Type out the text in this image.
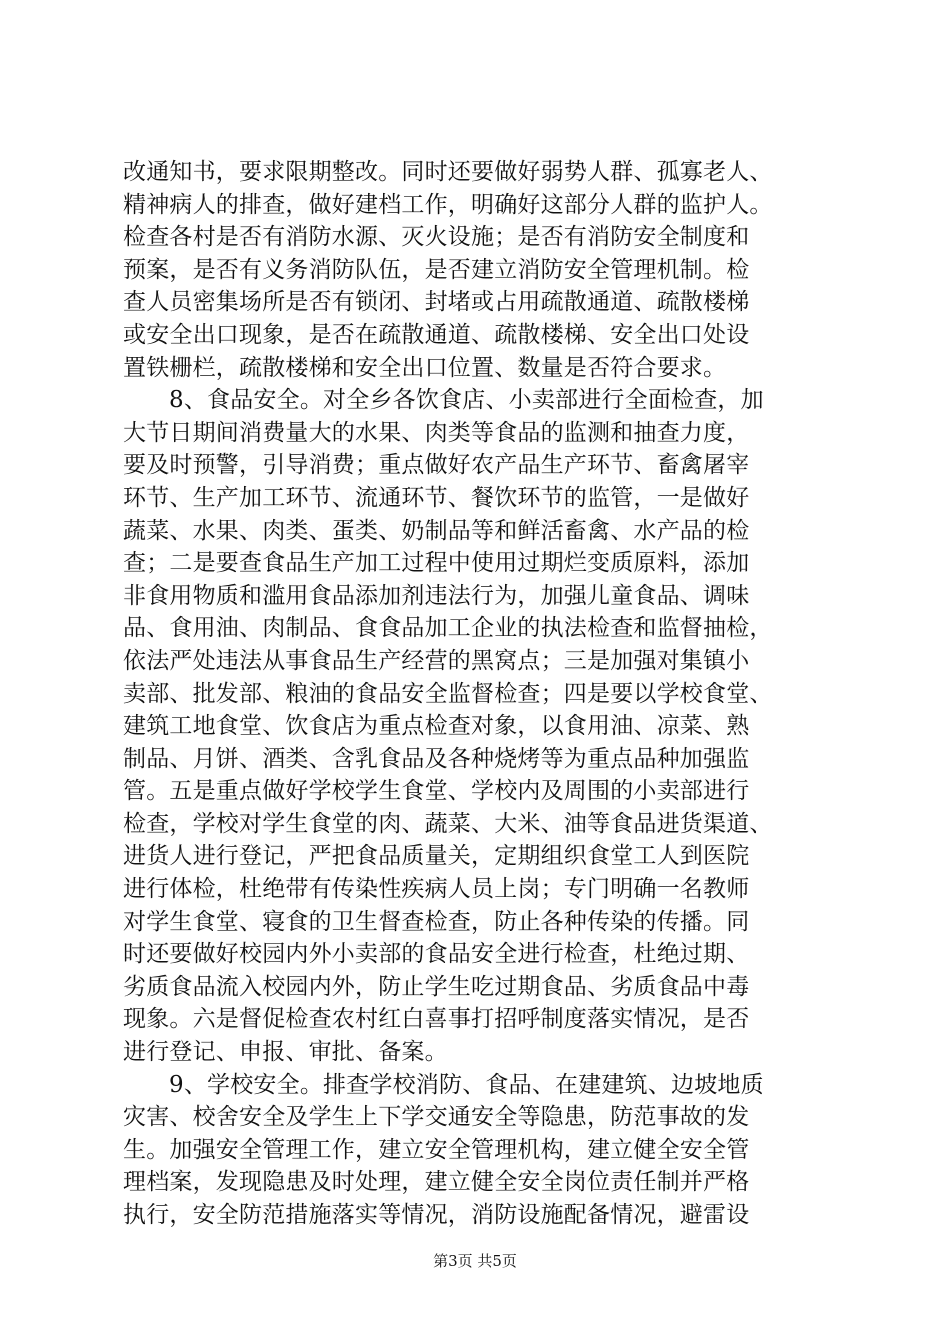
改通知书，要求限期整改。同时还要做好弱势人群、孤寡老人、
精神病人的排查，做好建档工作，明确好这部分人群的监护人。
检查各村是否有消防水源、灭火设施；是否有消防安全制度和
预案，是否有义务消防队伍，是否建立消防安全管理机制。检
查人员密集场所是否有锁闭、封堵或占用疏散通道、疏散楼梯
或安全出口现象，是否在疏散通道、疏散楼梯、安全出口处设
置铁栅栏，疏散楼梯和安全出口位置、数量是否符合要求。
8、食品安全。对全乡各饮食店、小卖部进行全面检查，加
大节日期间消费量大的水果、肉类等食品的监测和抽查力度，
要及时预警，引导消费；重点做好农产品生产环节、畜禽屠宰
环节、生产加工环节、流通环节、餐饮环节的监管，一是做好
蔬菜、水果、肉类、蛋类、奶制品等和鲜活畜禽、水产品的检
查；二是要查食品生产加工过程中使用过期烂变质原料，添加
非食用物质和滥用食品添加剂违法行为，加强儿童食品、调味
品、食用油、肉制品、食食品加工企业的执法检查和监督抽检，
依法严处违法从事食品生产经营的黑窝点；三是加强对集镇小
卖部、批发部、粮油的食品安全监督检查；四是要以学校食堂、
建筑工地食堂、饮食店为重点检查对象，以食用油、凉菜、熟
制品、月饼、酒类、含乳食品及各种烧烤等为重点品种加强监
管。五是重点做好学校学生食堂、学校内及周围的小卖部进行
检查，学校对学生食堂的肉、蔬菜、大米、油等食品进货渠道、
进货人进行登记，严把食品质量关，定期组织食堂工人到医院
进行体检，杜绝带有传染性疾病人员上岗；专门明确一名教师
对学生食堂、寝食的卫生督查检查，防止各种传染的传播。同
时还要做好校园内外小卖部的食品安全进行检查，杜绝过期、
劣质食品流入校园内外，防止学生吃过期食品、劣质食品中毒
现象。六是督促检查农村红白喜事打招呼制度落实情况，是否
进行登记、申报、审批、备案。
9、学校安全。排查学校消防、食品、在建建筑、边坡地质
灾害、校舍安全及学生上下学交通安全等隐患，防范事故的发
生。加强安全管理工作，建立安全管理机构，建立健全安全管
理档案，发现隐患及时处理，建立健全安全岗位责任制并严格
执行，安全防范措施落实等情况，消防设施配备情况，避雷设
第3页 共5页
